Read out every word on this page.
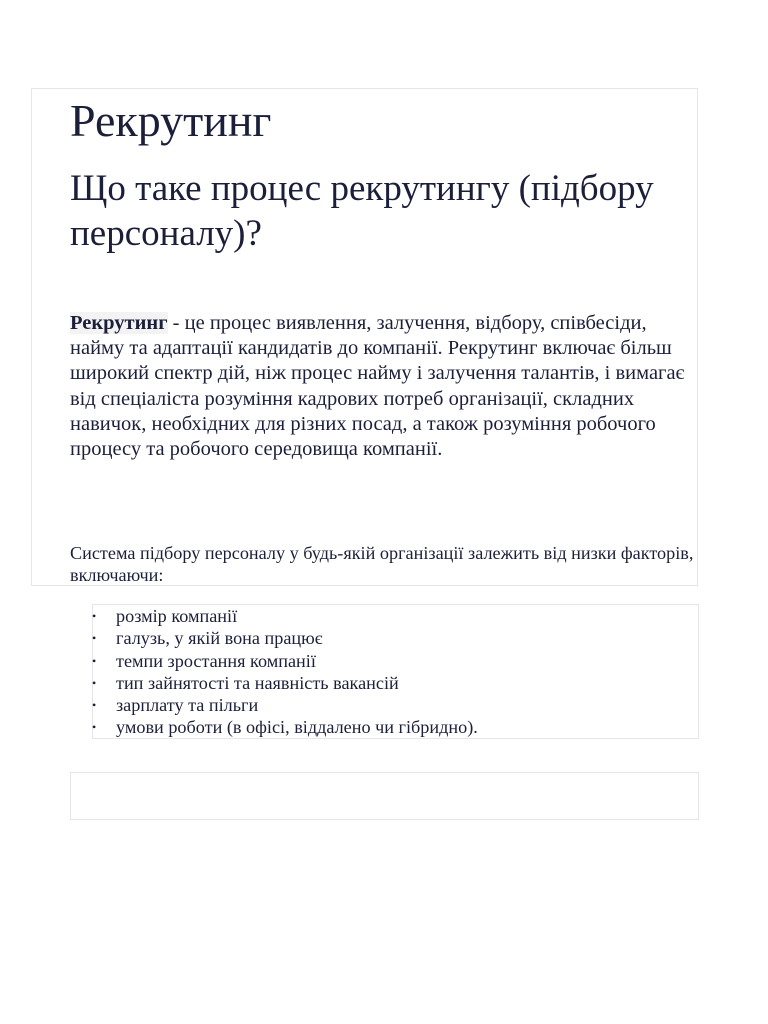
Рекрутинг
Що таке процес рекрутингу (підбору персоналу)?

Рекрутинг - це процес виявлення, залучення, відбору, співбесіди, найму та адаптації кандидатів до компанії. Рекрутинг включає більш широкий спектр дій, ніж процес найму і залучення талантів, і вимагає від спеціаліста розуміння кадрових потреб організації, складних навичок, необхідних для різних посад, а також розуміння робочого процесу та робочого середовища компанії.

Система підбору персоналу у будь-якій організації залежить від низки факторів, включаючи:

• розмір компанії
• галузь, у якій вона працює
• темпи зростання компанії
• тип зайнятості та наявність вакансій
• зарплату та пільги
• умови роботи (в офісі, віддалено чи гібридно).
